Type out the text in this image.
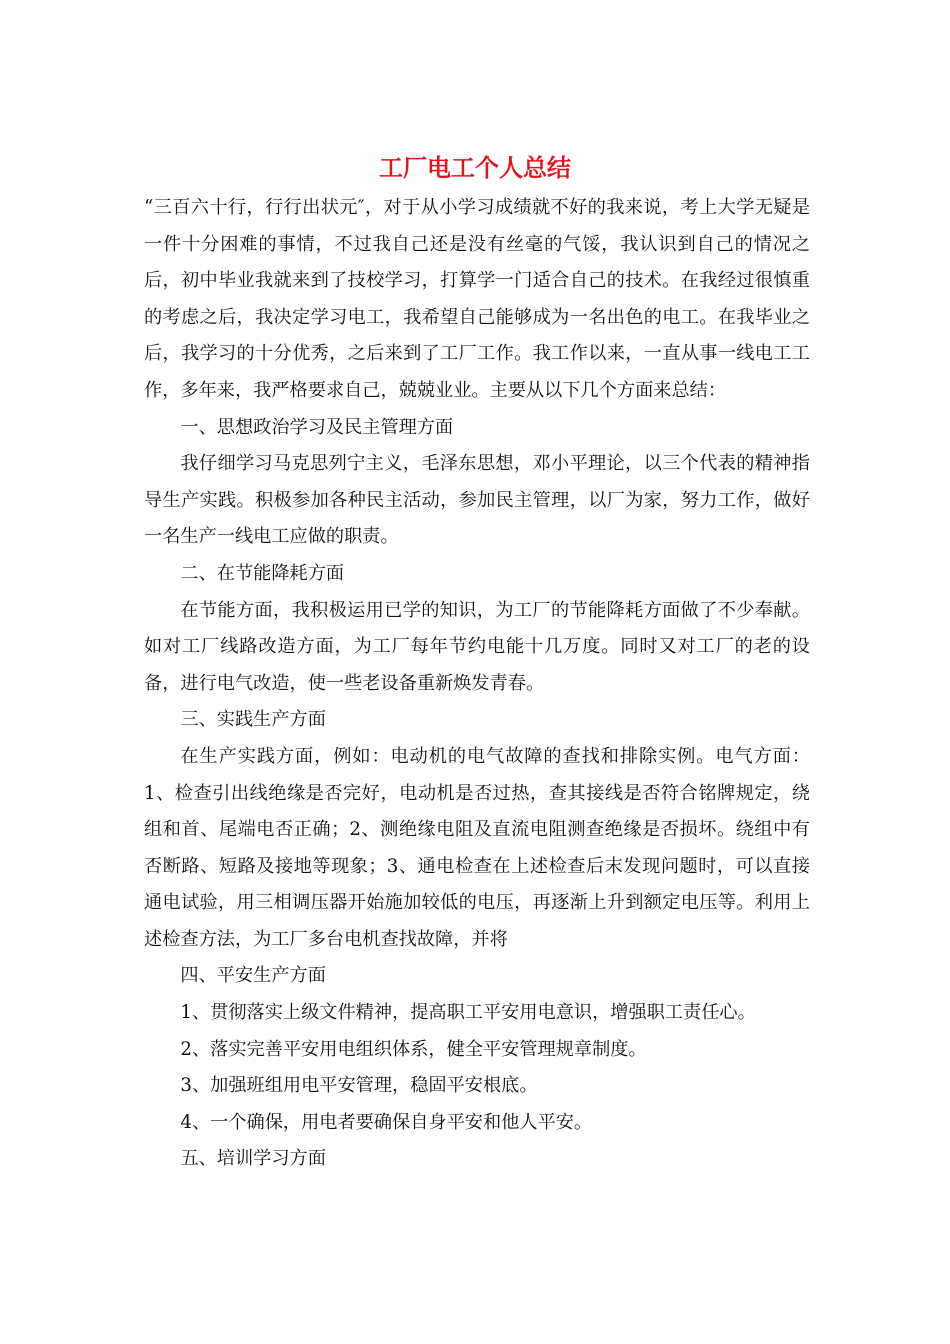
工厂电工个人总结

“三百六十行，行行出状元″，对于从小学习成绩就不好的我来说，考上大学无疑是一件十分困难的事情，不过我自己还是没有丝毫的气馁，我认识到自己的情况之后，初中毕业我就来到了技校学习，打算学一门适合自己的技术。在我经过很慎重的考虑之后，我决定学习电工，我希望自己能够成为一名出色的电工。在我毕业之后，我学习的十分优秀，之后来到了工厂工作。我工作以来，一直从事一线电工工作，多年来，我严格要求自己，兢兢业业。主要从以下几个方面来总结：

一、思想政治学习及民主管理方面

我仔细学习马克思列宁主义，毛泽东思想，邓小平理论，以三个代表的精神指导生产实践。积极参加各种民主活动，参加民主管理，以厂为家，努力工作，做好一名生产一线电工应做的职责。

二、在节能降耗方面

在节能方面，我积极运用已学的知识，为工厂的节能降耗方面做了不少奉献。如对工厂线路改造方面，为工厂每年节约电能十几万度。同时又对工厂的老的设备，进行电气改造，使一些老设备重新焕发青春。

三、实践生产方面

在生产实践方面，例如：电动机的电气故障的查找和排除实例。电气方面：1、检查引出线绝缘是否完好，电动机是否过热，查其接线是否符合铭牌规定，绕组和首、尾端电否正确；2、测绝缘电阻及直流电阻测查绝缘是否损坏。绕组中有否断路、短路及接地等现象；3、通电检查在上述检查后末发现问题时，可以直接通电试验，用三相调压器开始施加较低的电压，再逐渐上升到额定电压等。利用上述检查方法，为工厂多台电机查找故障，并将

四、平安生产方面

1、贯彻落实上级文件精神，提高职工平安用电意识，增强职工责任心。

2、落实完善平安用电组织体系，健全平安管理规章制度。

3、加强班组用电平安管理，稳固平安根底。

4、一个确保，用电者要确保自身平安和他人平安。

五、培训学习方面
